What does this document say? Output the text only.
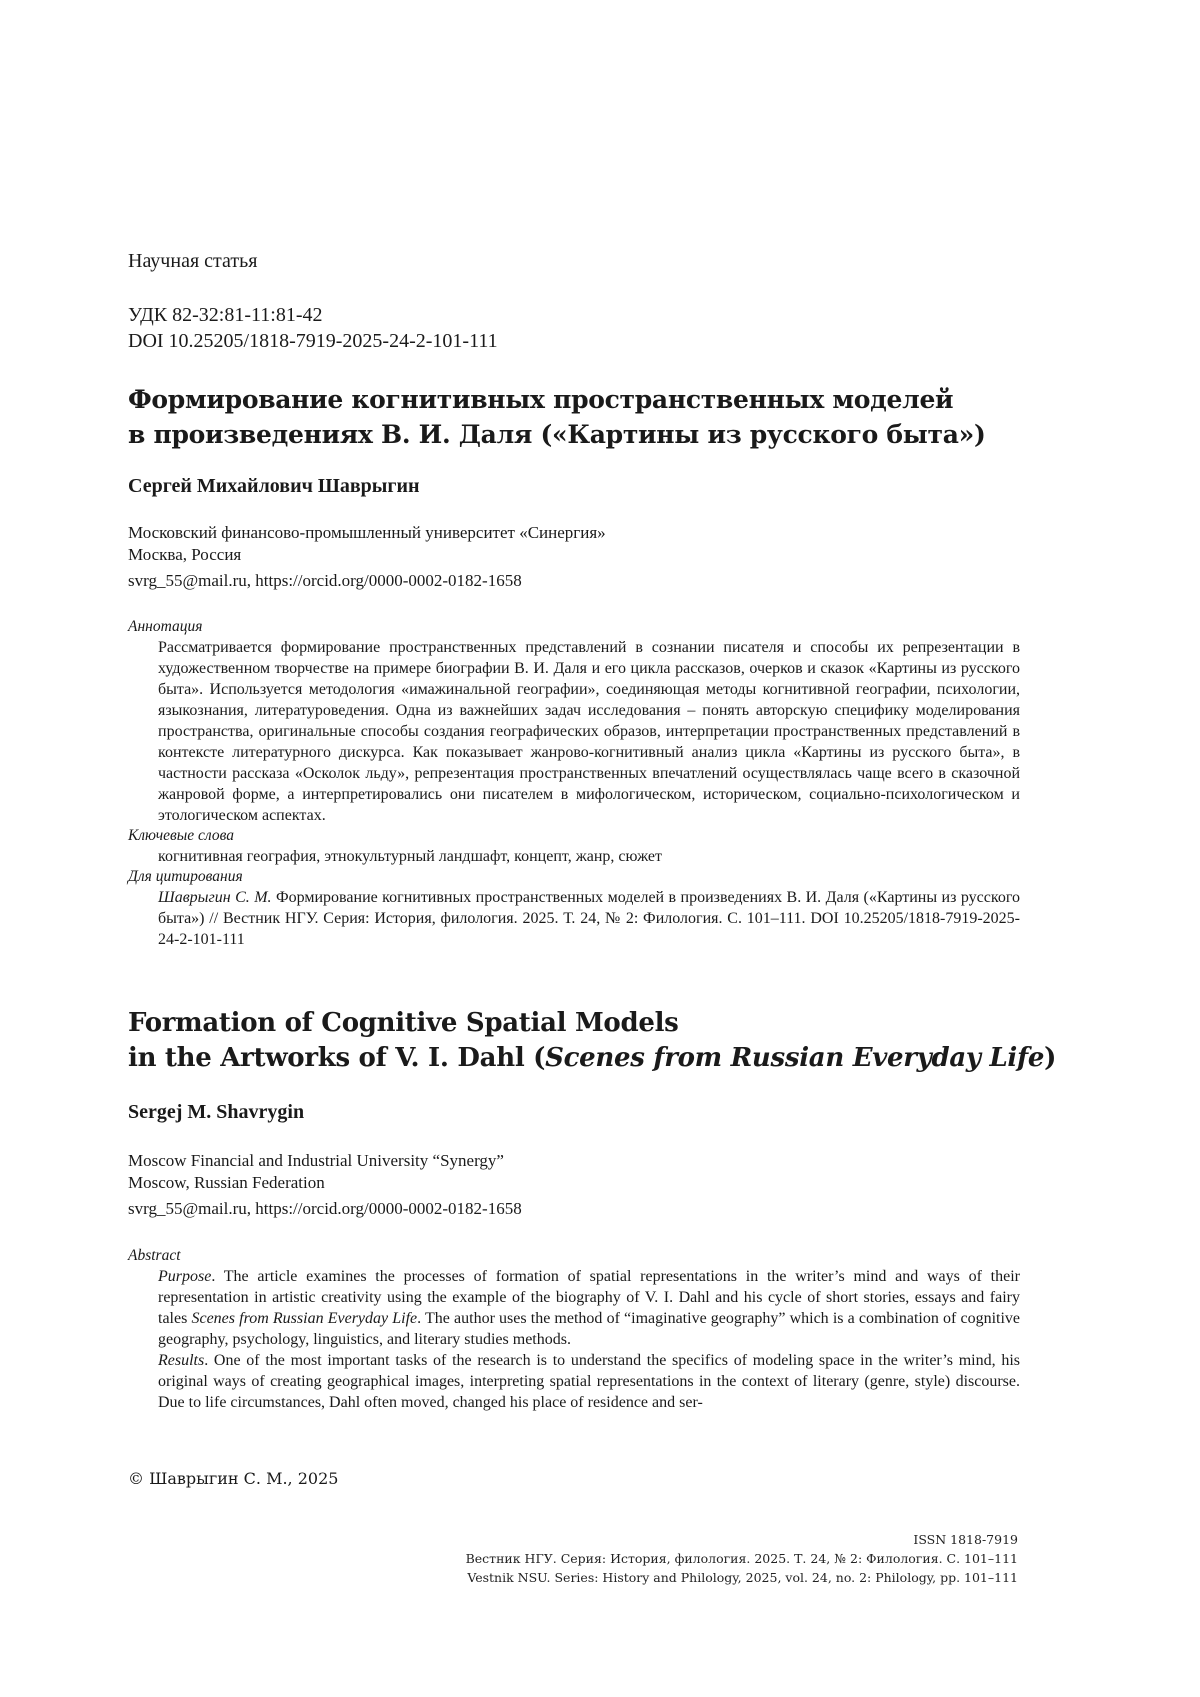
Научная статья
УДК 82-32:81-11:81-42
DOI 10.25205/1818-7919-2025-24-2-101-111
Формирование когнитивных пространственных моделей
в произведениях В. И. Даля («Картины из русского быта»)
Сергей Михайлович Шаврыгин
Московский финансово-промышленный университет «Синергия»
Москва, Россия
svrg_55@mail.ru, https://orcid.org/0000-0002-0182-1658
Аннотация
Рассматривается формирование пространственных представлений в сознании писателя и способы их репрезентации в художественном творчестве на примере биографии В. И. Даля и его цикла рассказов, очерков и сказок «Картины из русского быта». Используется методология «имажинальной географии», соединяющая методы когнитивной географии, психологии, языкознания, литературоведения. Одна из важнейших задач исследования – понять авторскую специфику моделирования пространства, оригинальные способы создания географических образов, интерпретации пространственных представлений в контексте литературного дискурса. Как показывает жанрово-когнитивный анализ цикла «Картины из русского быта», в частности рассказа «Осколок льду», репрезентация пространственных впечатлений осуществлялась чаще всего в сказочной жанровой форме, а интерпретировались они писателем в мифологическом, историческом, социально-психологическом и этологическом аспектах.
Ключевые слова
когнитивная география, этнокультурный ландшафт, концепт, жанр, сюжет
Для цитирования
Шаврыгин С. М. Формирование когнитивных пространственных моделей в произведениях В. И. Даля («Картины из русского быта») // Вестник НГУ. Серия: История, филология. 2025. Т. 24, № 2: Филология. С. 101–111. DOI 10.25205/1818-7919-2025-24-2-101-111
Formation of Cognitive Spatial Models
in the Artworks of V. I. Dahl (Scenes from Russian Everyday Life)
Sergej M. Shavrygin
Moscow Financial and Industrial University “Synergy”
Moscow, Russian Federation
svrg_55@mail.ru, https://orcid.org/0000-0002-0182-1658
Abstract

Purpose. The article examines the processes of formation of spatial representations in the writer’s mind and ways of their representation in artistic creativity using the example of the biography of V. I. Dahl and his cycle of short stories, essays and fairy tales Scenes from Russian Everyday Life. The author uses the method of “imaginative geography” which is a combination of cognitive geography, psychology, linguistics, and literary studies methods.

Results. One of the most important tasks of the research is to understand the specifics of modeling space in the writer’s mind, his original ways of creating geographical images, interpreting spatial representations in the context of literary (genre, style) discourse. Due to life circumstances, Dahl often moved, changed his place of residence and ser-

© Шаврыгин С. М., 2025
ISSN 1818-7919
Вестник НГУ. Серия: История, филология. 2025. Т. 24, № 2: Филология. С. 101–111
Vestnik NSU. Series: History and Philology, 2025, vol. 24, no. 2: Philology, pp. 101–111
